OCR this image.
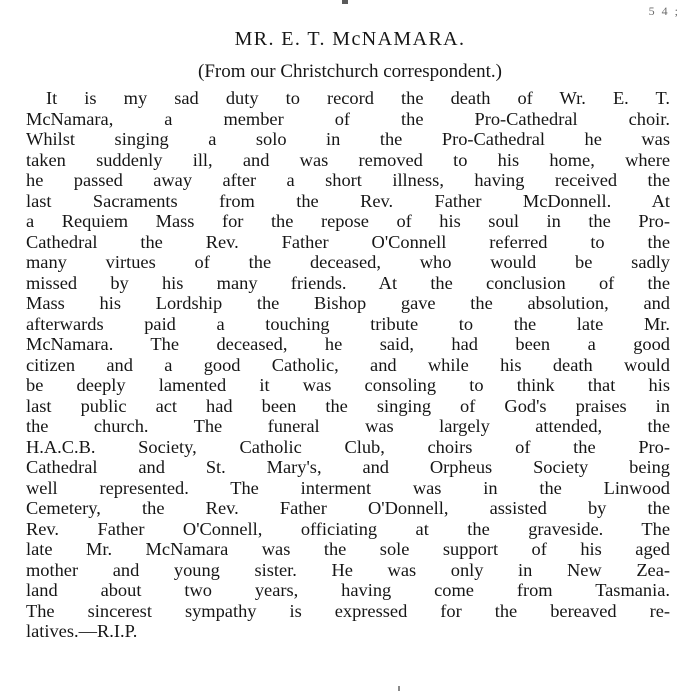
5 4 ;
MR. E. T. McNAMARA.
(From our Christchurch correspondent.)
It is my sad duty to record the death of Wr. E. T.
McNamara, a member of the Pro-Cathedral choir.
Whilst singing a solo in the Pro-Cathedral he was
taken suddenly ill, and was removed to his home, where
he passed away after a short illness, having received the
last Sacraments from the Rev. Father McDonnell. At
a Requiem Mass for the repose of his soul in the Pro-
Cathedral the Rev. Father O'Connell referred to the
many virtues of the deceased, who would be sadly
missed by his many friends. At the conclusion of the
Mass his Lordship the Bishop gave the absolution, and
afterwards paid a touching tribute to the late Mr.
McNamara. The deceased, he said, had been a good
citizen and a good Catholic, and while his death would
be deeply lamented it was consoling to think that his
last public act had been the singing of God's praises in
the church. The funeral was largely attended, the
H.A.C.B. Society, Catholic Club, choirs of the Pro-
Cathedral and St. Mary's, and Orpheus Society being
well represented. The interment was in the Linwood
Cemetery, the Rev. Father O'Donnell, assisted by the
Rev. Father O'Connell, officiating at the graveside. The
late Mr. McNamara was the sole support of his aged
mother and young sister. He was only in New Zea-
land about two years, having come from Tasmania.
The sincerest sympathy is expressed for the bereaved re-
latives.—R.I.P.
